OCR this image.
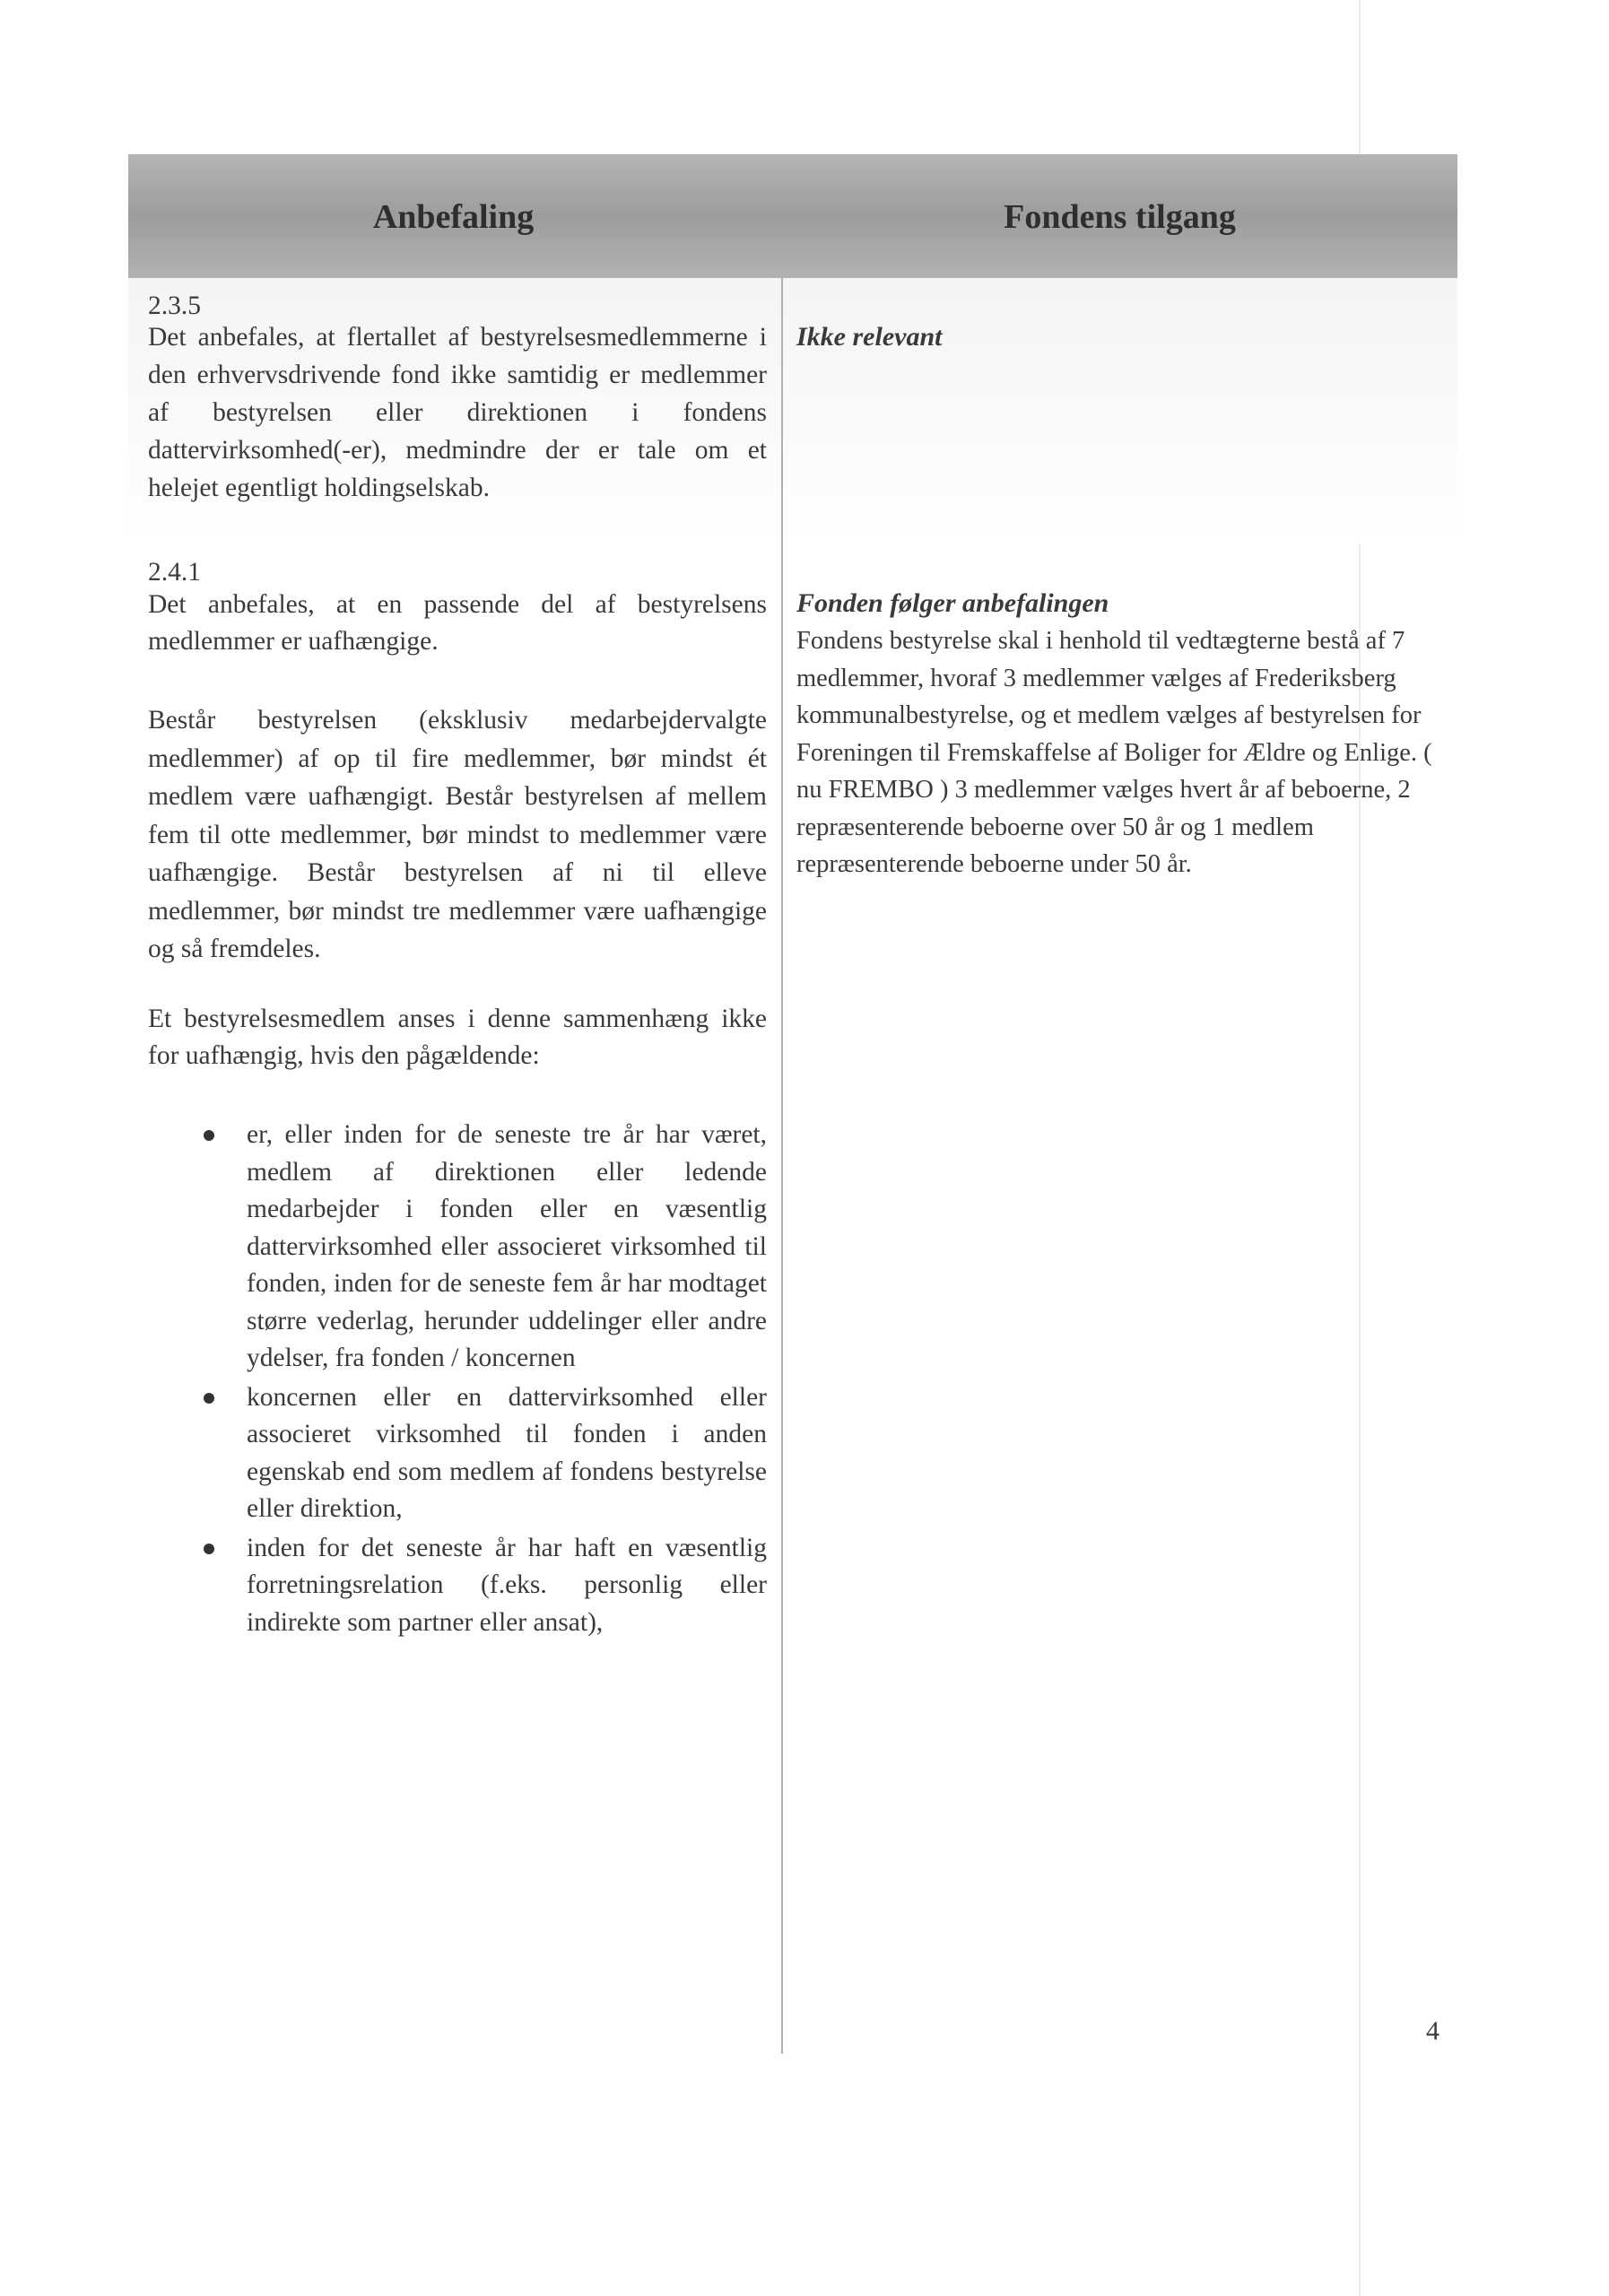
Anbefaling	Fondens tilgang

2.3.5

Det anbefales, at flertallet af bestyrelsesmedlemmerne i den erhvervsdrivende fond ikke samtidig er medlemmer af bestyrelsen eller direktionen i fondens dattervirksomhed(-er), medmindre der er tale om et helejet egentligt holdingselskab.

Ikke relevant

2.4.1

Det anbefales, at en passende del af bestyrelsens medlemmer er uafhængige.

Består bestyrelsen (eksklusiv medarbejdervalgte medlemmer) af op til fire medlemmer, bør mindst ét medlem være uafhængigt. Består bestyrelsen af mellem fem til otte medlemmer, bør mindst to medlemmer være uafhængige. Består bestyrelsen af ni til elleve medlemmer, bør mindst tre medlemmer være uafhængige og så fremdeles.

Et bestyrelsesmedlem anses i denne sammenhæng ikke for uafhængig, hvis den pågældende:

er, eller inden for de seneste tre år har været, medlem af direktionen eller ledende medarbejder i fonden eller en væsentlig dattervirksomhed eller associeret virksomhed til fonden, inden for de seneste fem år har modtaget større vederlag, herunder uddelinger eller andre ydelser, fra fonden / koncernen
koncernen eller en dattervirksomhed eller associeret virksomhed til fonden i anden egenskab end som medlem af fondens bestyrelse eller direktion,
inden for det seneste år har haft en væsentlig forretningsrelation (f.eks. personlig eller indirekte som partner eller ansat),

Fonden følger anbefalingen

Fondens bestyrelse skal i henhold til vedtægterne bestå af 7 medlemmer, hvoraf 3 medlemmer vælges af Frederiksberg kommunalbestyrelse, og et medlem vælges af bestyrelsen for Foreningen til Fremskaffelse af Boliger for Ældre og Enlige. ( nu FREMBO ) 3 medlemmer vælges hvert år af beboerne, 2 repræsenterende beboerne over 50 år og 1 medlem repræsenterende beboerne under 50 år.

4
